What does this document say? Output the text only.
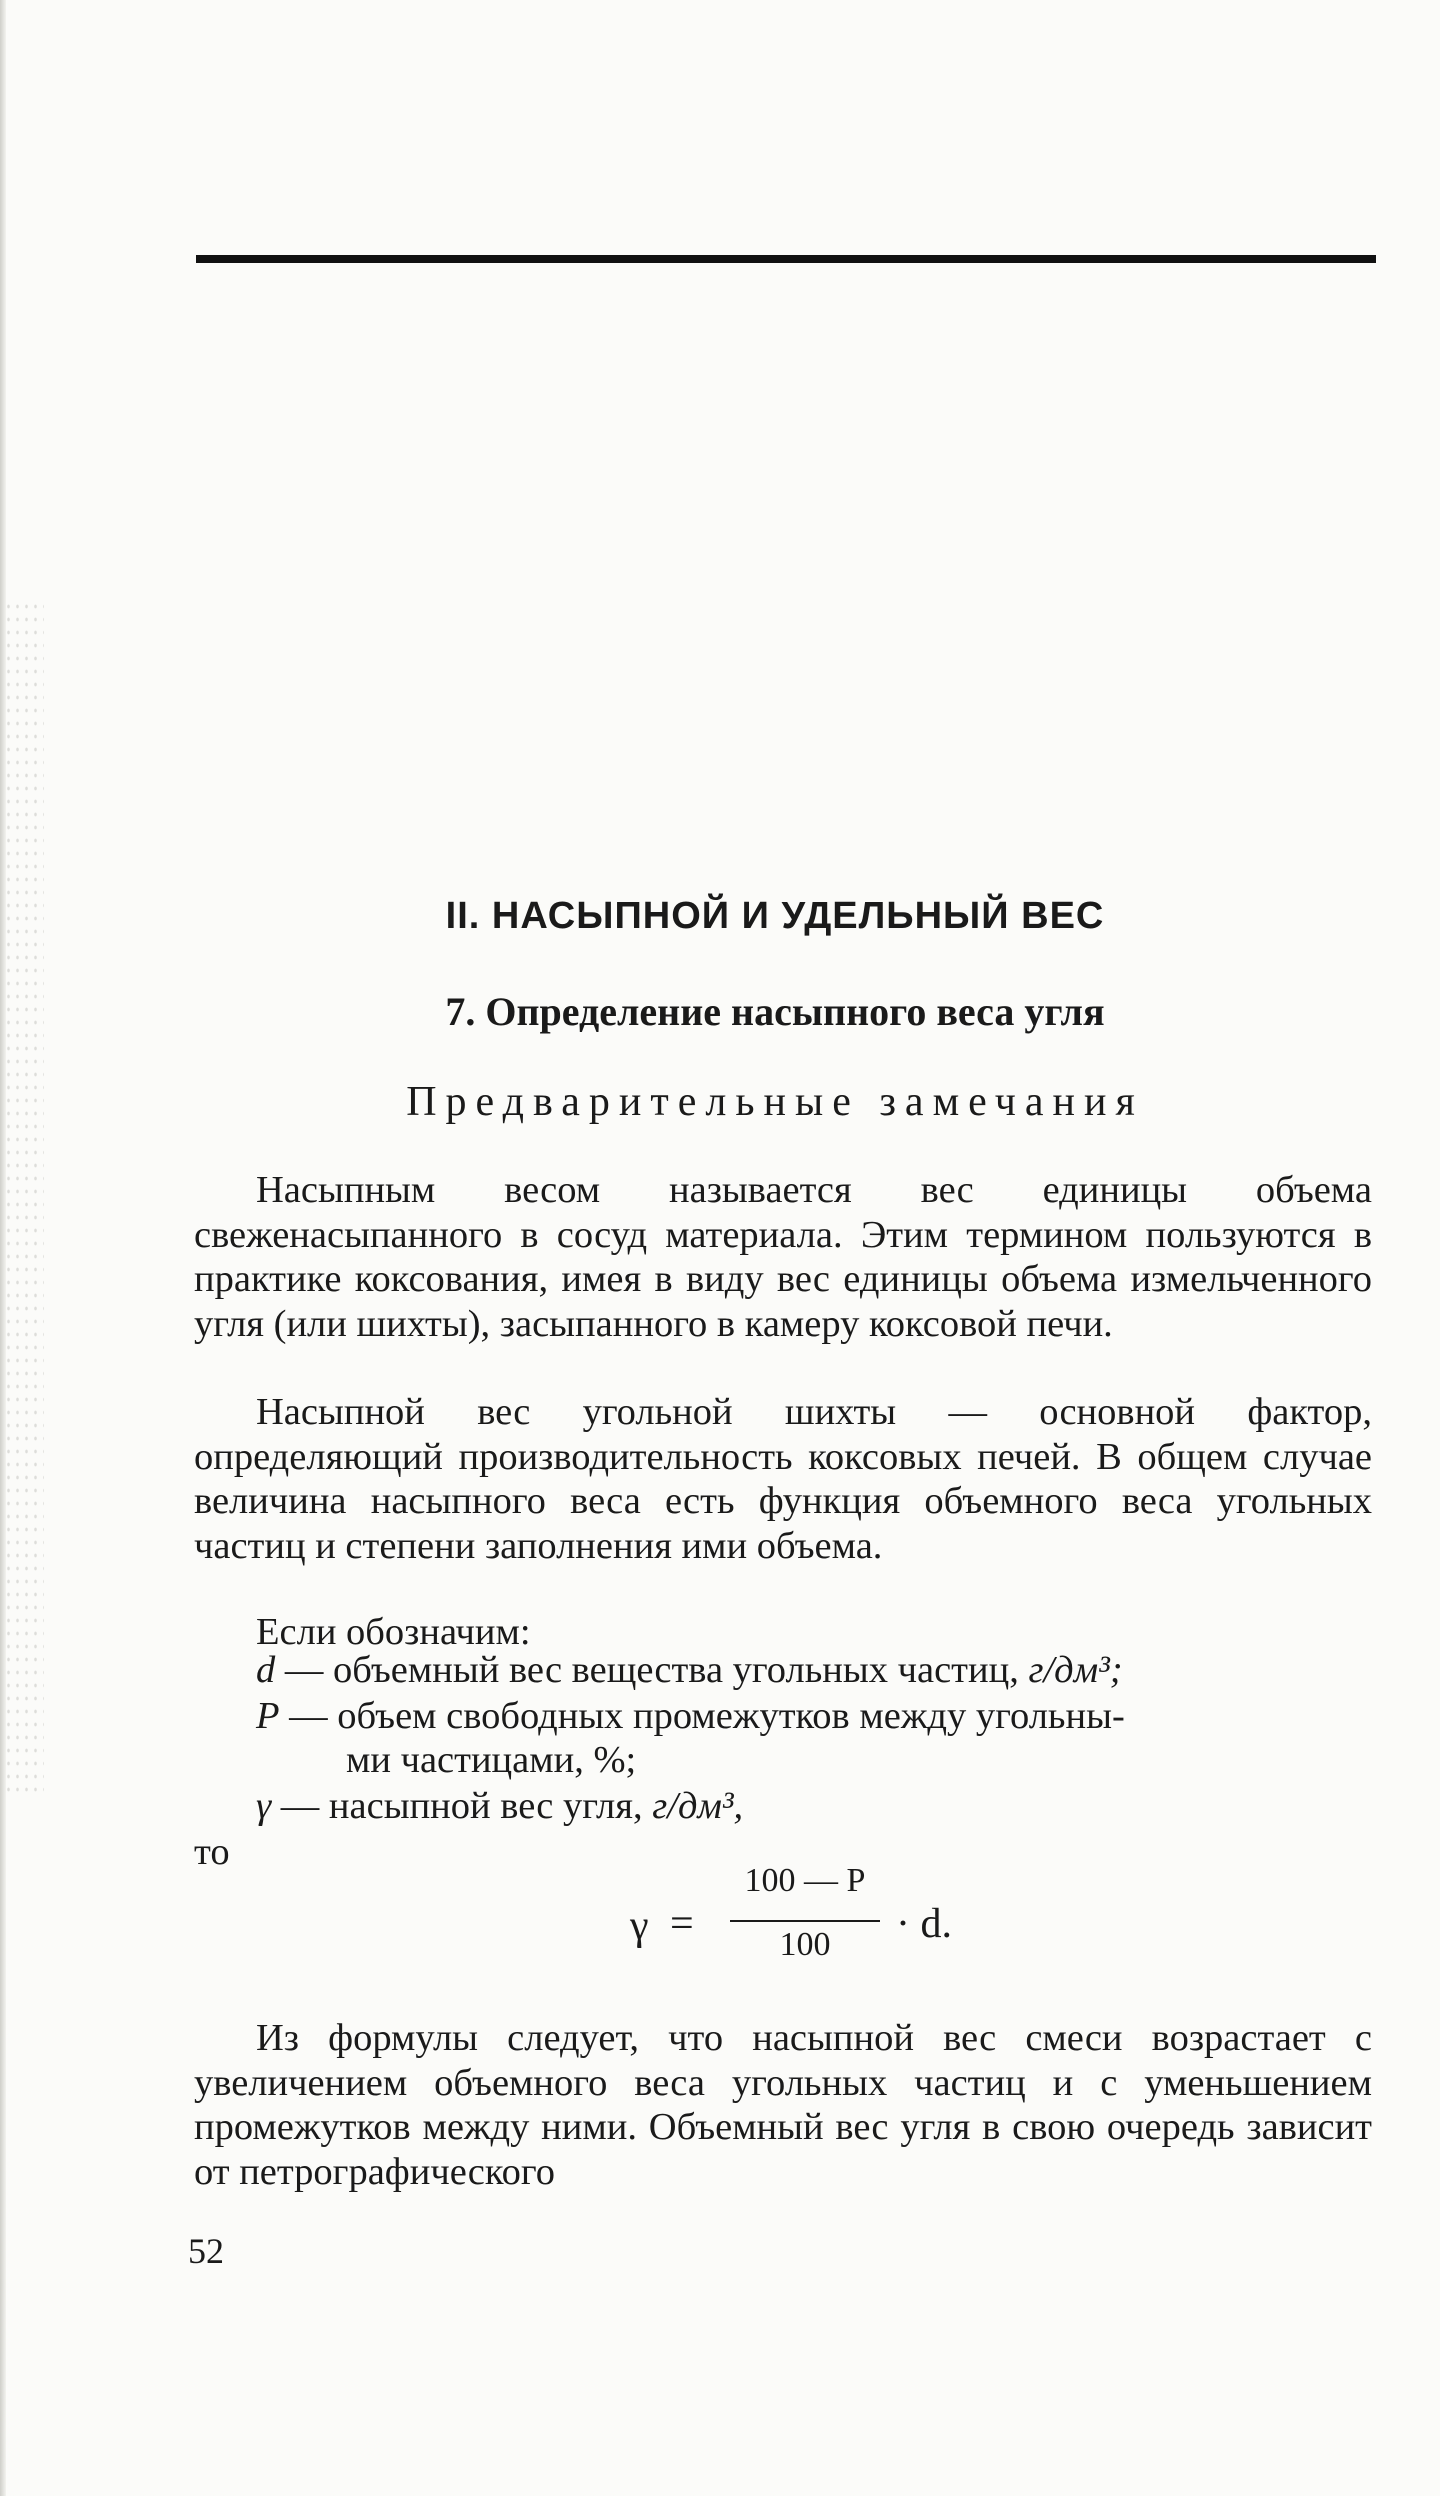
II. НАСЫПНОЙ И УДЕЛЬНЫЙ ВЕС
7. Определение насыпного веса угля
Предварительные замечания
Насыпным весом называется вес единицы объема свеженасыпанного в сосуд материала. Этим термином пользуются в практике коксования, имея в виду вес единицы объема измельченного угля (или шихты), засыпанного в камеру коксовой печи.
Насыпной вес угольной шихты — основной фактор, определяющий производительность коксовых печей. В общем случае величина насыпного веса есть функция объемного веса угольных частиц и степени заполнения ими объема.
Если обозначим:
d — объемный вес вещества угольных частиц, г/дм³;
P — объем свободных промежутков между угольны-
ми частицами, %;
γ — насыпной вес угля, г/дм³,
то
γ =
100 — P
100	· d.
Из формулы следует, что насыпной вес смеси возрастает с увеличением объемного веса угольных частиц и с уменьшением промежутков между ними. Объемный вес угля в свою очередь зависит от петрографического
52
